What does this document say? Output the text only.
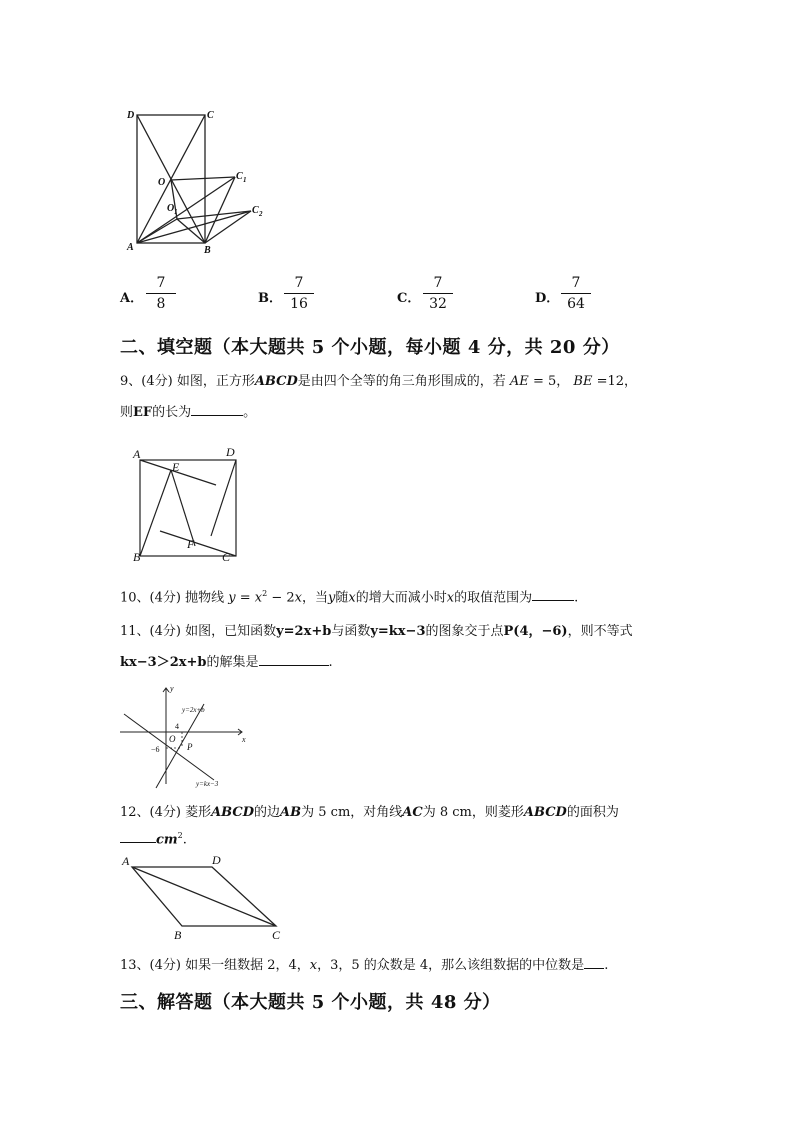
D	C
O
C 1
O 1	C 2
A	B
A．
7
8	B．
7
16	C．
7
32	D．
7
64
二、填空题（本大题共 5 个小题，每小题 4 分，共 20 分）
9、(4分) 如图，正方形ABCD是由四个全等的角三角形围成的，若 AE = 5， BE =12，
则EF的长为	。
A	D
E
F
B	C
10、(4分) 抛物线 $y = x^2 - 2x$，当y随x的增大而减小时x的取值范围为	.
11、(4分) 如图，已知函数y=2x+b与函数y=kx−3的图象交于点P(4，−6)，则不等式
kx−3＞2x+b的解集是	.
y
x
O
4
−6	P
y=2x+b
y=kx−3
12、(4分) 菱形ABCD的边AB为 5 cm，对角线AC为 8 cm，则菱形ABCD的面积为
$cm^2$.
A	D
B	C
13、(4分) 如果一组数据 2，4，x，3，5 的众数是 4，那么该组数据的中位数是 .
三、解答题（本大题共 5 个小题，共 48 分）
